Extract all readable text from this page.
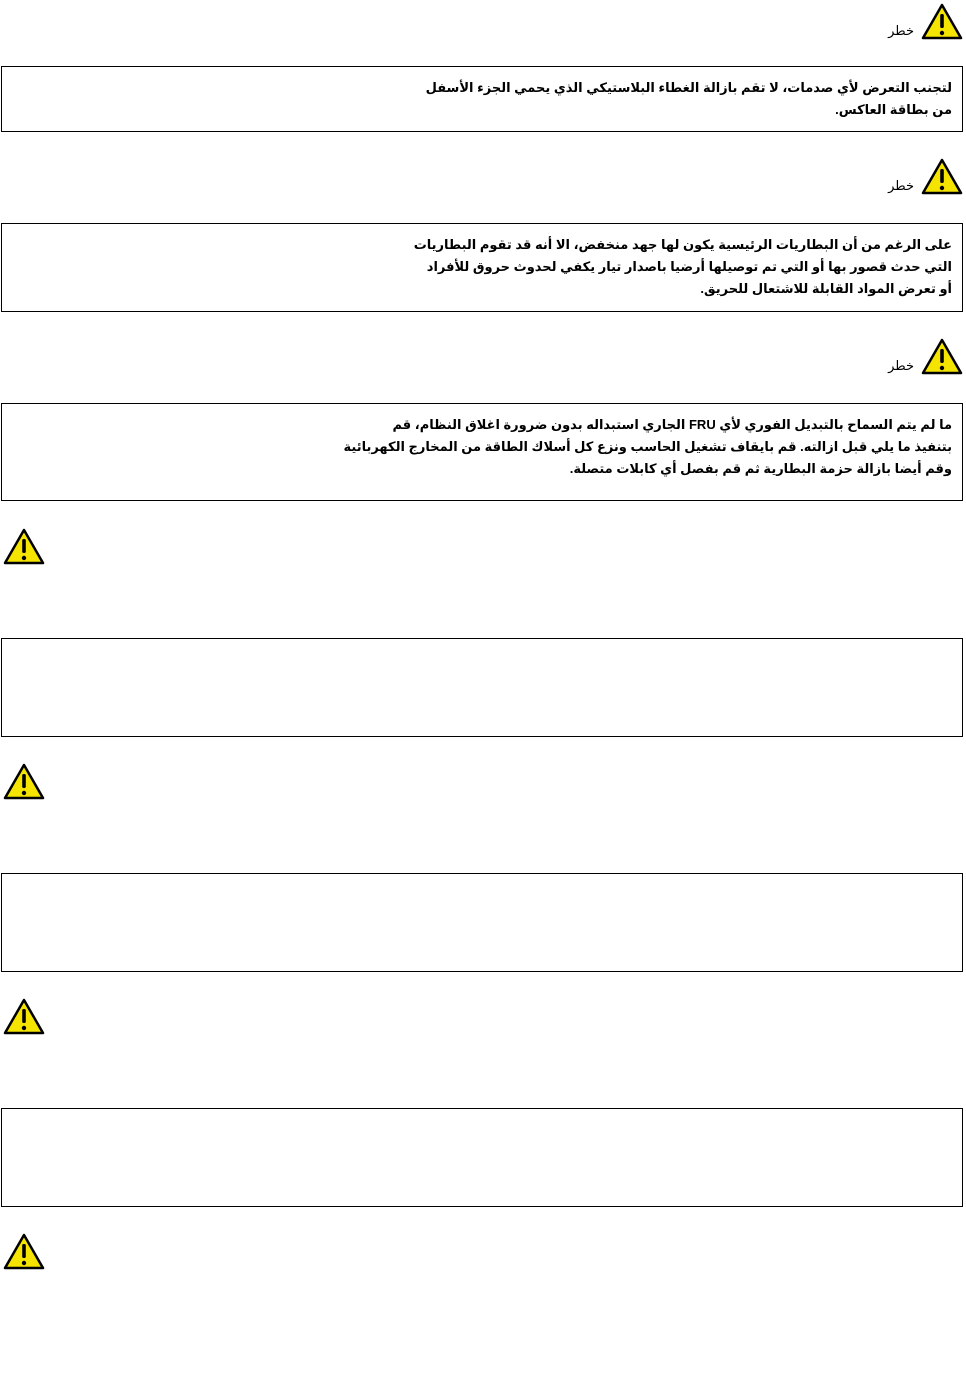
خطر
لتجنب التعرض لأي صدمات، لا تقم بازالة الغطاء البلاستيكي الذي يحمي الجزء الأسفل
من بطاقة العاكس.
خطر
على الرغم من أن البطاريات الرئيسية يكون لها جهد منخفض، الا أنه قد تقوم البطاريات
التي حدث قصور بها أو التي تم توصيلها أرضيا باصدار تيار يكفي لحدوث حروق للأفراد
أو تعرض المواد القابلة للاشتعال للحريق.
خطر
ما لم يتم السماح بالتبديل الفوري لأي FRU الجاري استبداله بدون ضرورة اغلاق النظام، قم
بتنفيذ ما يلي قبل ازالته. قم بايقاف تشغيل الحاسب ونزع كل أسلاك الطاقة من المخارج الكهربائية
وقم أيضا بازالة حزمة البطارية ثم قم بفصل أي كابلات متصلة.
